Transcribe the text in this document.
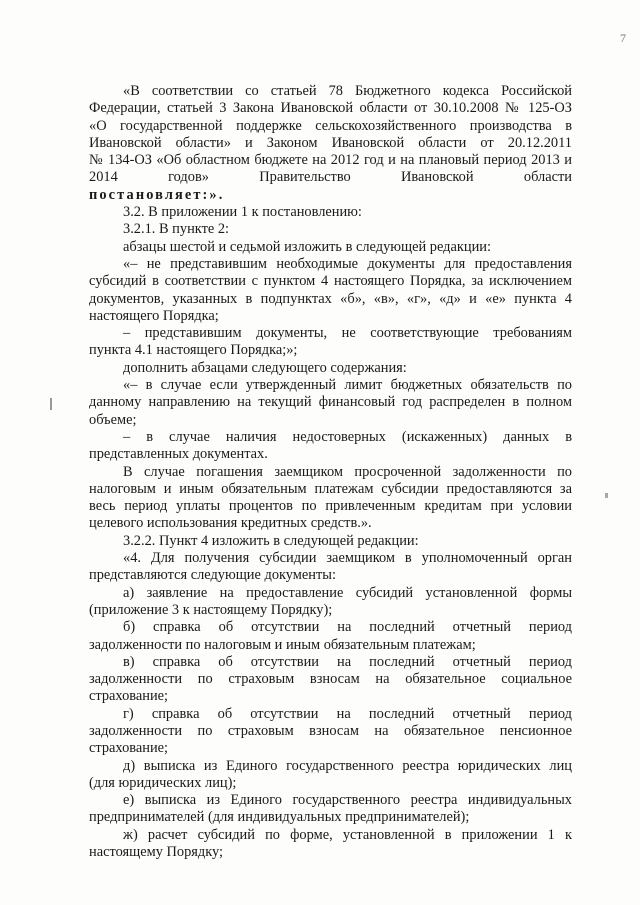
7
«В соответствии со статьей 78 Бюджетного кодекса Российской
Федерации, статьей 3 Закона Ивановской области от 30.10.2008 № 125-ОЗ
«О государственной поддержке сельскохозяйственного производства в
Ивановской области» и Законом Ивановской области от 20.12.2011
№ 134-ОЗ «Об областном бюджете на 2012 год и на плановый период 2013 и
2014 годов» Правительство Ивановской области
постановляет:».
3.2. В приложении 1 к постановлению:
3.2.1. В пункте 2:
абзацы шестой и седьмой изложить в следующей редакции:
«– не представившим необходимые документы для предоставления
субсидий в соответствии с пунктом 4 настоящего Порядка, за исключением
документов, указанных в подпунктах «б», «в», «г», «д» и «е» пункта 4
настоящего Порядка;
– представившим документы, не соответствующие требованиям
пункта 4.1 настоящего Порядка;»;
дополнить абзацами следующего содержания:
«– в случае если утвержденный лимит бюджетных обязательств по
данному направлению на текущий финансовый год распределен в полном
объеме;
– в случае наличия недостоверных (искаженных) данных в
представленных документах.
В случае погашения заемщиком просроченной задолженности по
налоговым и иным обязательным платежам субсидии предоставляются за
весь период уплаты процентов по привлеченным кредитам при условии
целевого использования кредитных средств.».
3.2.2. Пункт 4 изложить в следующей редакции:
«4. Для получения субсидии заемщиком в уполномоченный орган
представляются следующие документы:
а) заявление на предоставление субсидий установленной формы
(приложение 3 к настоящему Порядку);
б) справка об отсутствии на последний отчетный период
задолженности по налоговым и иным обязательным платежам;
в) справка об отсутствии на последний отчетный период
задолженности по страховым взносам на обязательное социальное
страхование;
г) справка об отсутствии на последний отчетный период
задолженности по страховым взносам на обязательное пенсионное
страхование;
д) выписка из Единого государственного реестра юридических лиц
(для юридических лиц);
е) выписка из Единого государственного реестра индивидуальных
предпринимателей (для индивидуальных предпринимателей);
ж) расчет субсидий по форме, установленной в приложении 1 к
настоящему Порядку;
